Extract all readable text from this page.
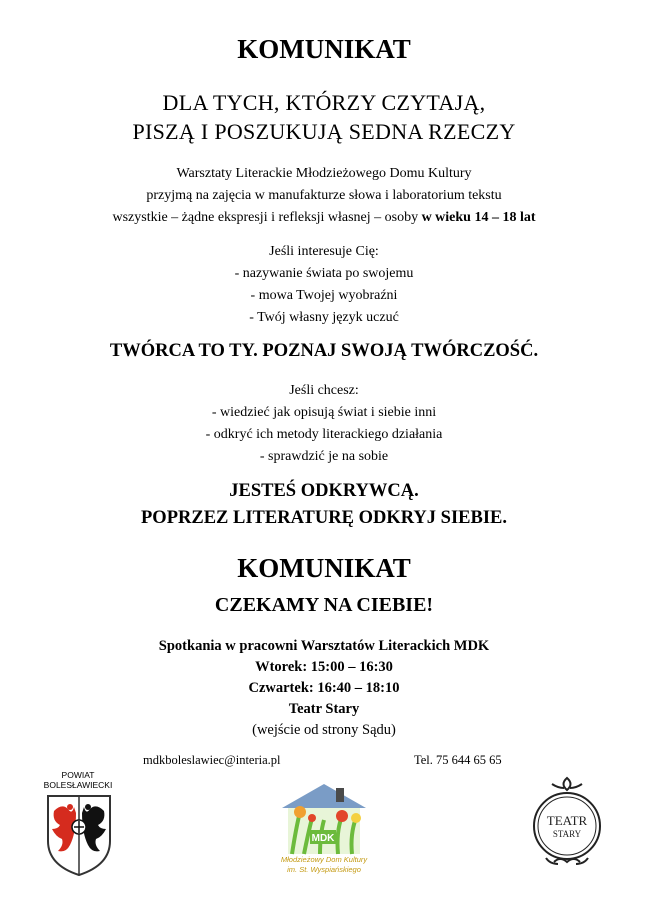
KOMUNIKAT
DLA TYCH, KTÓRZY CZYTAJĄ,
PISZĄ I POSZUKUJĄ SEDNA RZECZY
Warsztaty Literackie Młodzieżowego Domu Kultury
przyjmą na zajęcia w manufakturze słowa i laboratorium tekstu
wszystkie – żądne ekspresji i refleksji własnej – osoby w wieku 14 – 18 lat
Jeśli interesuje Cię:
- nazywanie świata po swojemu
- mowa Twojej wyobraźni
- Twój własny język uczuć
TWÓRCA TO TY. POZNAJ SWOJĄ TWÓRCZOŚĆ.
Jeśli chcesz:
- wiedzieć jak opisują świat i siebie inni
- odkryć ich metody literackiego działania
- sprawdzić je na sobie
JESTEŚ ODKRYWCĄ.
POPRZEZ LITERATURĘ ODKRYJ SIEBIE.
KOMUNIKAT
CZEKAMY NA CIEBIE!
Spotkania w pracowni Warsztatów Literackich MDK
Wtorek: 15:00 – 16:30
Czwartek: 16:40 – 18:10
Teatr Stary
(wejście od strony Sądu)
mdkboleslawiec@interia.pl	Tel. 75 644 65 65
POWIAT
BOLESŁAWIECKI
MDK
Młodzieżowy Dom Kultury
im. St. Wyspiańskiego
TEATR
STARY
